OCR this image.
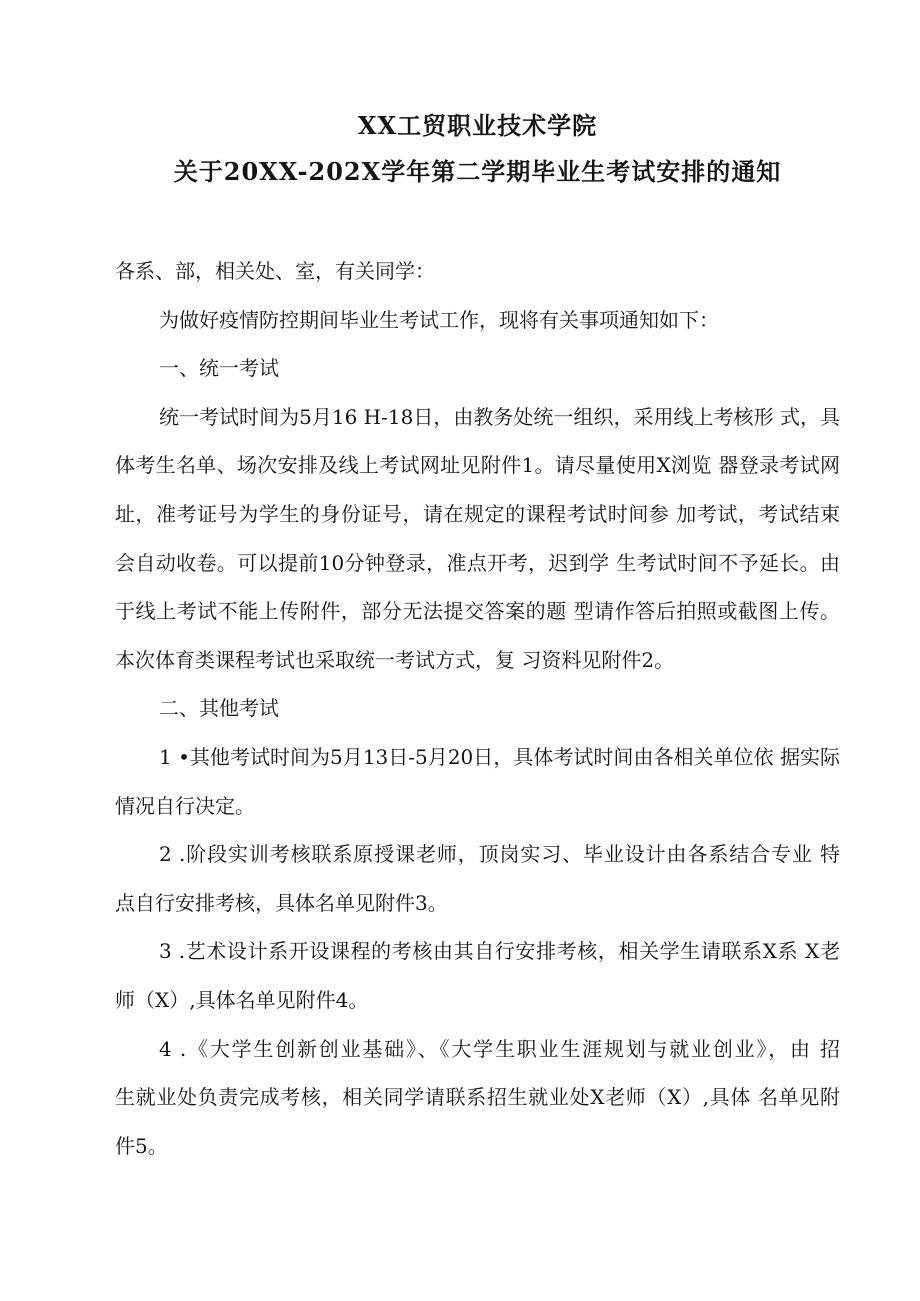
XX工贸职业技术学院
关于20XX-202X学年第二学期毕业生考试安排的通知
各系、部，相关处、室，有关同学：
为做好疫情防控期间毕业生考试工作，现将有关事项通知如下：
一、统一考试
统一考试时间为5月16 H-18日，由教务处统一组织，采用线上考核形 式，具
体考生名单、场次安排及线上考试网址见附件1。请尽量使用X浏览 器登录考试网
址，准考证号为学生的身份证号，请在规定的课程考试时间参 加考试，考试结束
会自动收卷。可以提前10分钟登录，准点开考，迟到学 生考试时间不予延长。由
于线上考试不能上传附件，部分无法提交答案的题 型请作答后拍照或截图上传。
本次体育类课程考试也采取统一考试方式，复 习资料见附件2。
二、其他考试
1 •其他考试时间为5月13日-5月20日，具体考试时间由各相关单位依 据实际
情况自行决定。
2 .阶段实训考核联系原授课老师，顶岗实习、毕业设计由各系结合专业 特
点自行安排考核，具体名单见附件3。
3 .艺术设计系开设课程的考核由其自行安排考核，相关学生请联系X系 X老
师（X）,具体名单见附件4。
4 .《大学生创新创业基础》、《大学生职业生涯规划与就业创业》，由 招
生就业处负责完成考核，相关同学请联系招生就业处X老师（X）,具体 名单见附
件5。
